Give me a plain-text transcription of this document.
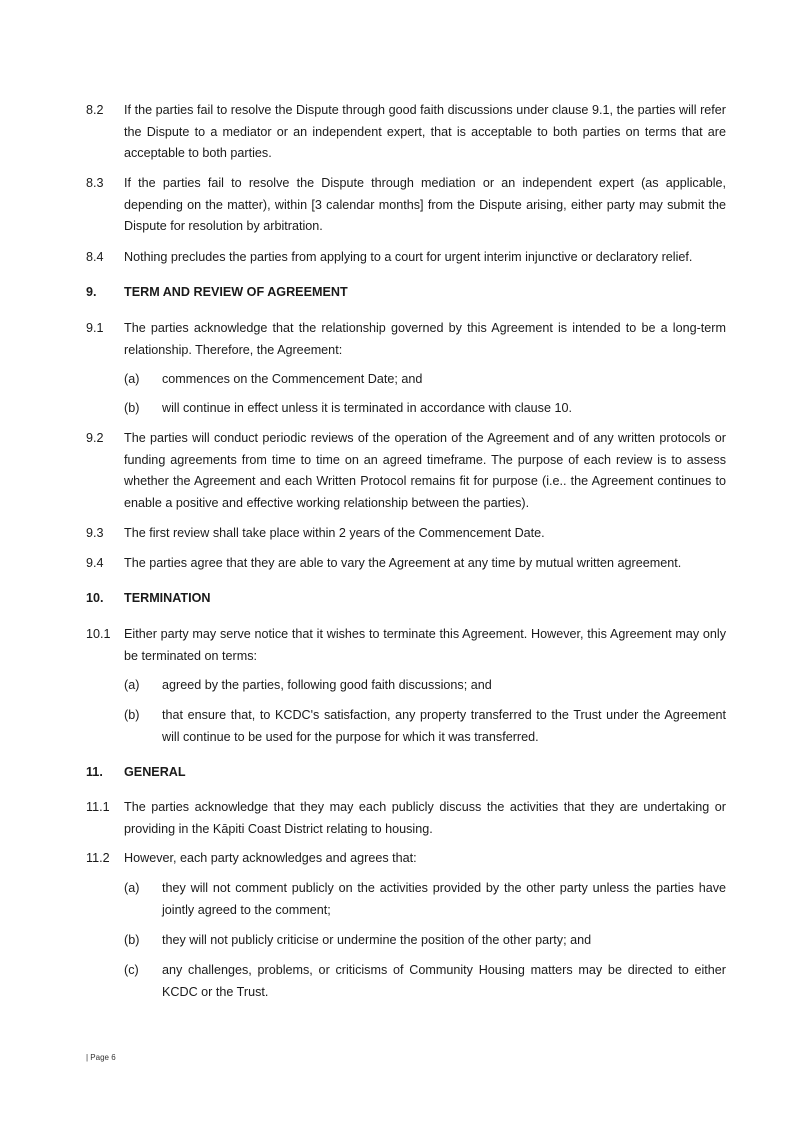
8.2	If the parties fail to resolve the Dispute through good faith discussions under clause 9.1, the parties will refer the Dispute to a mediator or an independent expert, that is acceptable to both parties on terms that are acceptable to both parties.
8.3	If the parties fail to resolve the Dispute through mediation or an independent expert (as applicable, depending on the matter), within [3 calendar months] from the Dispute arising, either party may submit the Dispute for resolution by arbitration.
8.4	Nothing precludes the parties from applying to a court for urgent interim injunctive or declaratory relief.
9.	TERM AND REVIEW OF AGREEMENT
9.1	The parties acknowledge that the relationship governed by this Agreement is intended to be a long-term relationship. Therefore, the Agreement:
(a)	commences on the Commencement Date; and
(b)	will continue in effect unless it is terminated in accordance with clause 10.
9.2	The parties will conduct periodic reviews of the operation of the Agreement and of any written protocols or funding agreements from time to time on an agreed timeframe. The purpose of each review is to assess whether the Agreement and each Written Protocol remains fit for purpose (i.e.. the Agreement continues to enable a positive and effective working relationship between the parties).
9.3	The first review shall take place within 2 years of the Commencement Date.
9.4	The parties agree that they are able to vary the Agreement at any time by mutual written agreement.
10.	TERMINATION
10.1	Either party may serve notice that it wishes to terminate this Agreement. However, this Agreement may only be terminated on terms:
(a)	agreed by the parties, following good faith discussions; and
(b)	that ensure that, to KCDC's satisfaction, any property transferred to the Trust under the Agreement will continue to be used for the purpose for which it was transferred.
11.	GENERAL
11.1	The parties acknowledge that they may each publicly discuss the activities that they are undertaking or providing in the Kāpiti Coast District relating to housing.
11.2	However, each party acknowledges and agrees that:
(a)	they will not comment publicly on the activities provided by the other party unless the parties have jointly agreed to the comment;
(b)	they will not publicly criticise or undermine the position of the other party; and
(c)	any challenges, problems, or criticisms of Community Housing matters may be directed to either KCDC or the Trust.
| Page 6
